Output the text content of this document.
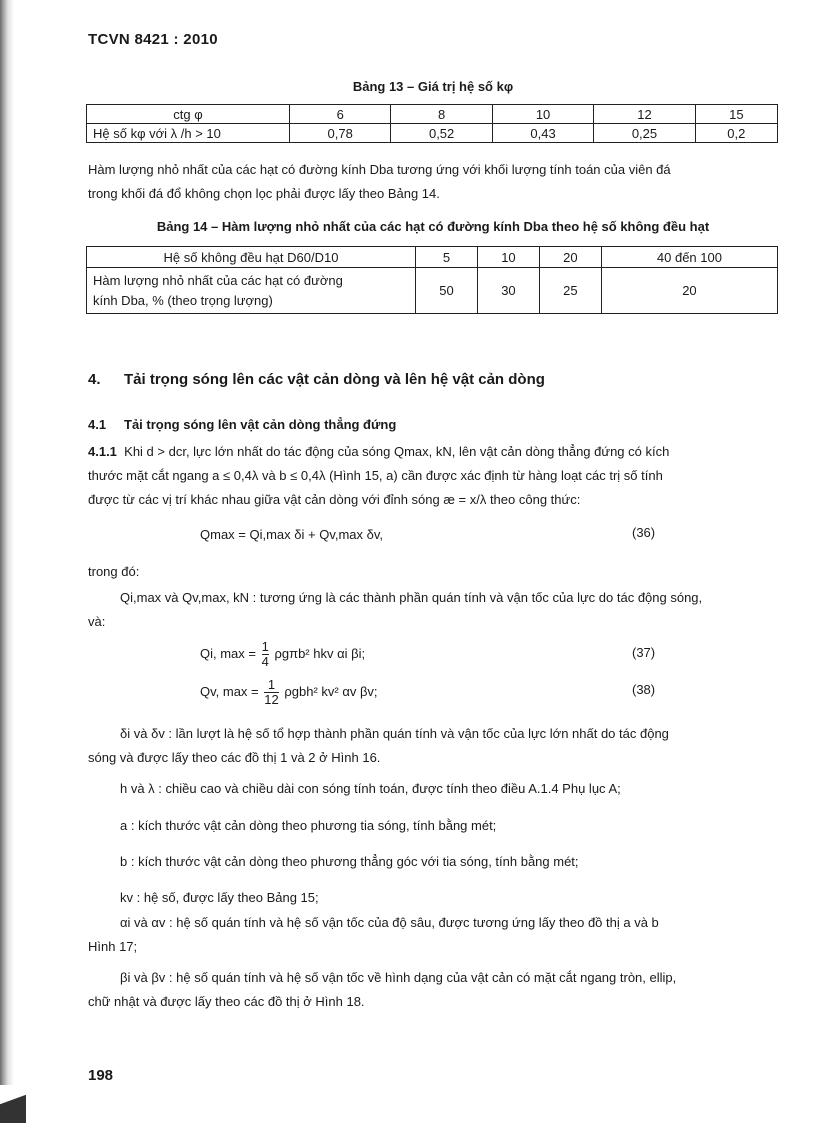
TCVN 8421 : 2010
Bảng 13 – Giá trị hệ số kφ
ctg φ	6	8	10	12	15
Hệ số kφ với λ /h > 10	0,78	0,52	0,43	0,25	0,2
Hàm lượng nhỏ nhất của các hạt có đường kính Dba tương ứng với khối lượng tính toán của viên đá
trong khối đá đổ không chọn lọc phải được lấy theo Bảng 14.
Bảng 14 – Hàm lượng nhỏ nhất của các hạt có đường kính Dba theo hệ số không đều hạt
Hệ số không đều hạt D60/D10	5	10	20	40 đến 100

Hàm lượng nhỏ nhất của các hạt có đường
kính Dba, % (theo trọng lượng)	50	30	25	20
4. Tải trọng sóng lên các vật cản dòng và lên hệ vật cản dòng
4.1 Tải trọng sóng lên vật cản dòng thẳng đứng
4.1.1 Khi d > dcr, lực lớn nhất do tác động của sóng Qmax, kN, lên vật cản dòng thẳng đứng có kích
thước mặt cắt ngang a ≤ 0,4λ và b ≤ 0,4λ (Hình 15, a) cần được xác định từ hàng loạt các trị số tính
được từ các vị trí khác nhau giữa vật cản dòng với đỉnh sóng æ = x/λ theo công thức:
Qmax = Qi,max δi + Qv,max δv,	(36)
trong đó:
Qi,max và Qv,max, kN : tương ứng là các thành phần quán tính và vận tốc của lực do tác động sóng,
và:
Qi, $\max = \frac{1}{4} \rho g\pi b^2$ hkv αi βi;	(37)
Qv, $\max = \frac{1}{12} \rho gbh^2$ kv² αv βv;	(38)
δi và δv : lần lượt là hệ số tổ hợp thành phần quán tính và vận tốc của lực lớn nhất do tác động
sóng và được lấy theo các đồ thị 1 và 2 ở Hình 16.
h và λ : chiều cao và chiều dài con sóng tính toán, được tính theo điều A.1.4 Phụ lục A;
a : kích thước vật cản dòng theo phương tia sóng, tính bằng mét;
b : kích thước vật cản dòng theo phương thẳng góc với tia sóng, tính bằng mét;
kv : hệ số, được lấy theo Bảng 15;
αi và αv : hệ số quán tính và hệ số vận tốc của độ sâu, được tương ứng lấy theo đồ thị a và b
Hình 17;
βi và βv : hệ số quán tính và hệ số vận tốc về hình dạng của vật cản có mặt cắt ngang tròn, ellip,
chữ nhật và được lấy theo các đồ thị ở Hình 18.
198
